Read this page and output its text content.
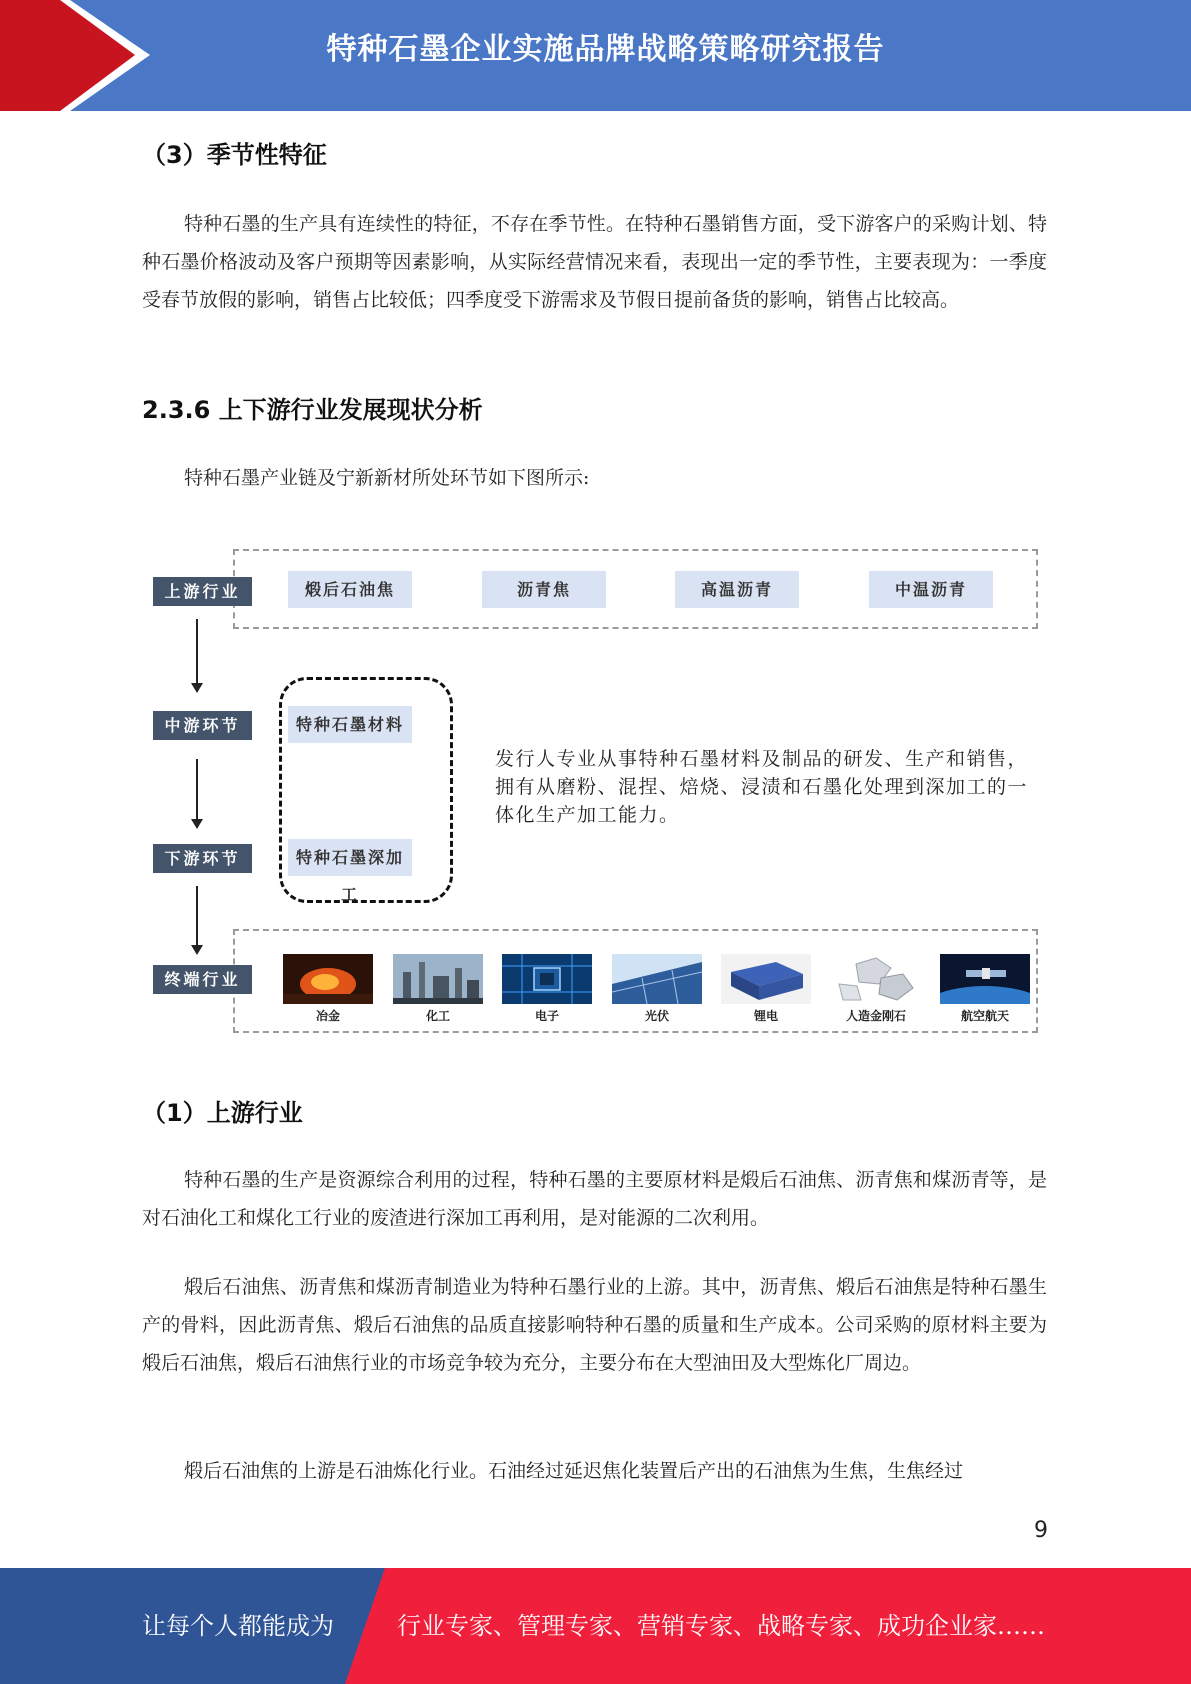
特种石墨企业实施品牌战略策略研究报告
（3）季节性特征

特种石墨的生产具有连续性的特征，不存在季节性。在特种石墨销售方面，受下游客户的采购计划、特种石墨价格波动及客户预期等因素影响，从实际经营情况来看，表现出一定的季节性，主要表现为：一季度受春节放假的影响，销售占比较低；四季度受下游需求及节假日提前备货的影响，销售占比较高。

2.3.6 上下游行业发展现状分析

特种石墨产业链及宁新新材所处环节如下图所示:

上游行业
中游环节
下游环节
终端行业
煅后石油焦	沥青焦	高温沥青	中温沥青
特种石墨材料
特种石墨深加工
发行人专业从事特种石墨材料及制品的研发、生产和销售，拥有从磨粉、混捏、焙烧、浸渍和石墨化处理到深加工的一体化生产加工能力。
冶金	化工	电子	光伏	锂电	人造金刚石	航空航天
（1）上游行业

特种石墨的生产是资源综合利用的过程，特种石墨的主要原材料是煅后石油焦、沥青焦和煤沥青等，是对石油化工和煤化工行业的废渣进行深加工再利用，是对能源的二次利用。

煅后石油焦、沥青焦和煤沥青制造业为特种石墨行业的上游。其中，沥青焦、煅后石油焦是特种石墨生产的骨料，因此沥青焦、煅后石油焦的品质直接影响特种石墨的质量和生产成本。公司采购的原材料主要为煅后石油焦，煅后石油焦行业的市场竞争较为充分，主要分布在大型油田及大型炼化厂周边。

煅后石油焦的上游是石油炼化行业。石油经过延迟焦化装置后产出的石油焦为生焦，生焦经过

9
让每个人都能成为	行业专家、管理专家、营销专家、战略专家、成功企业家……
